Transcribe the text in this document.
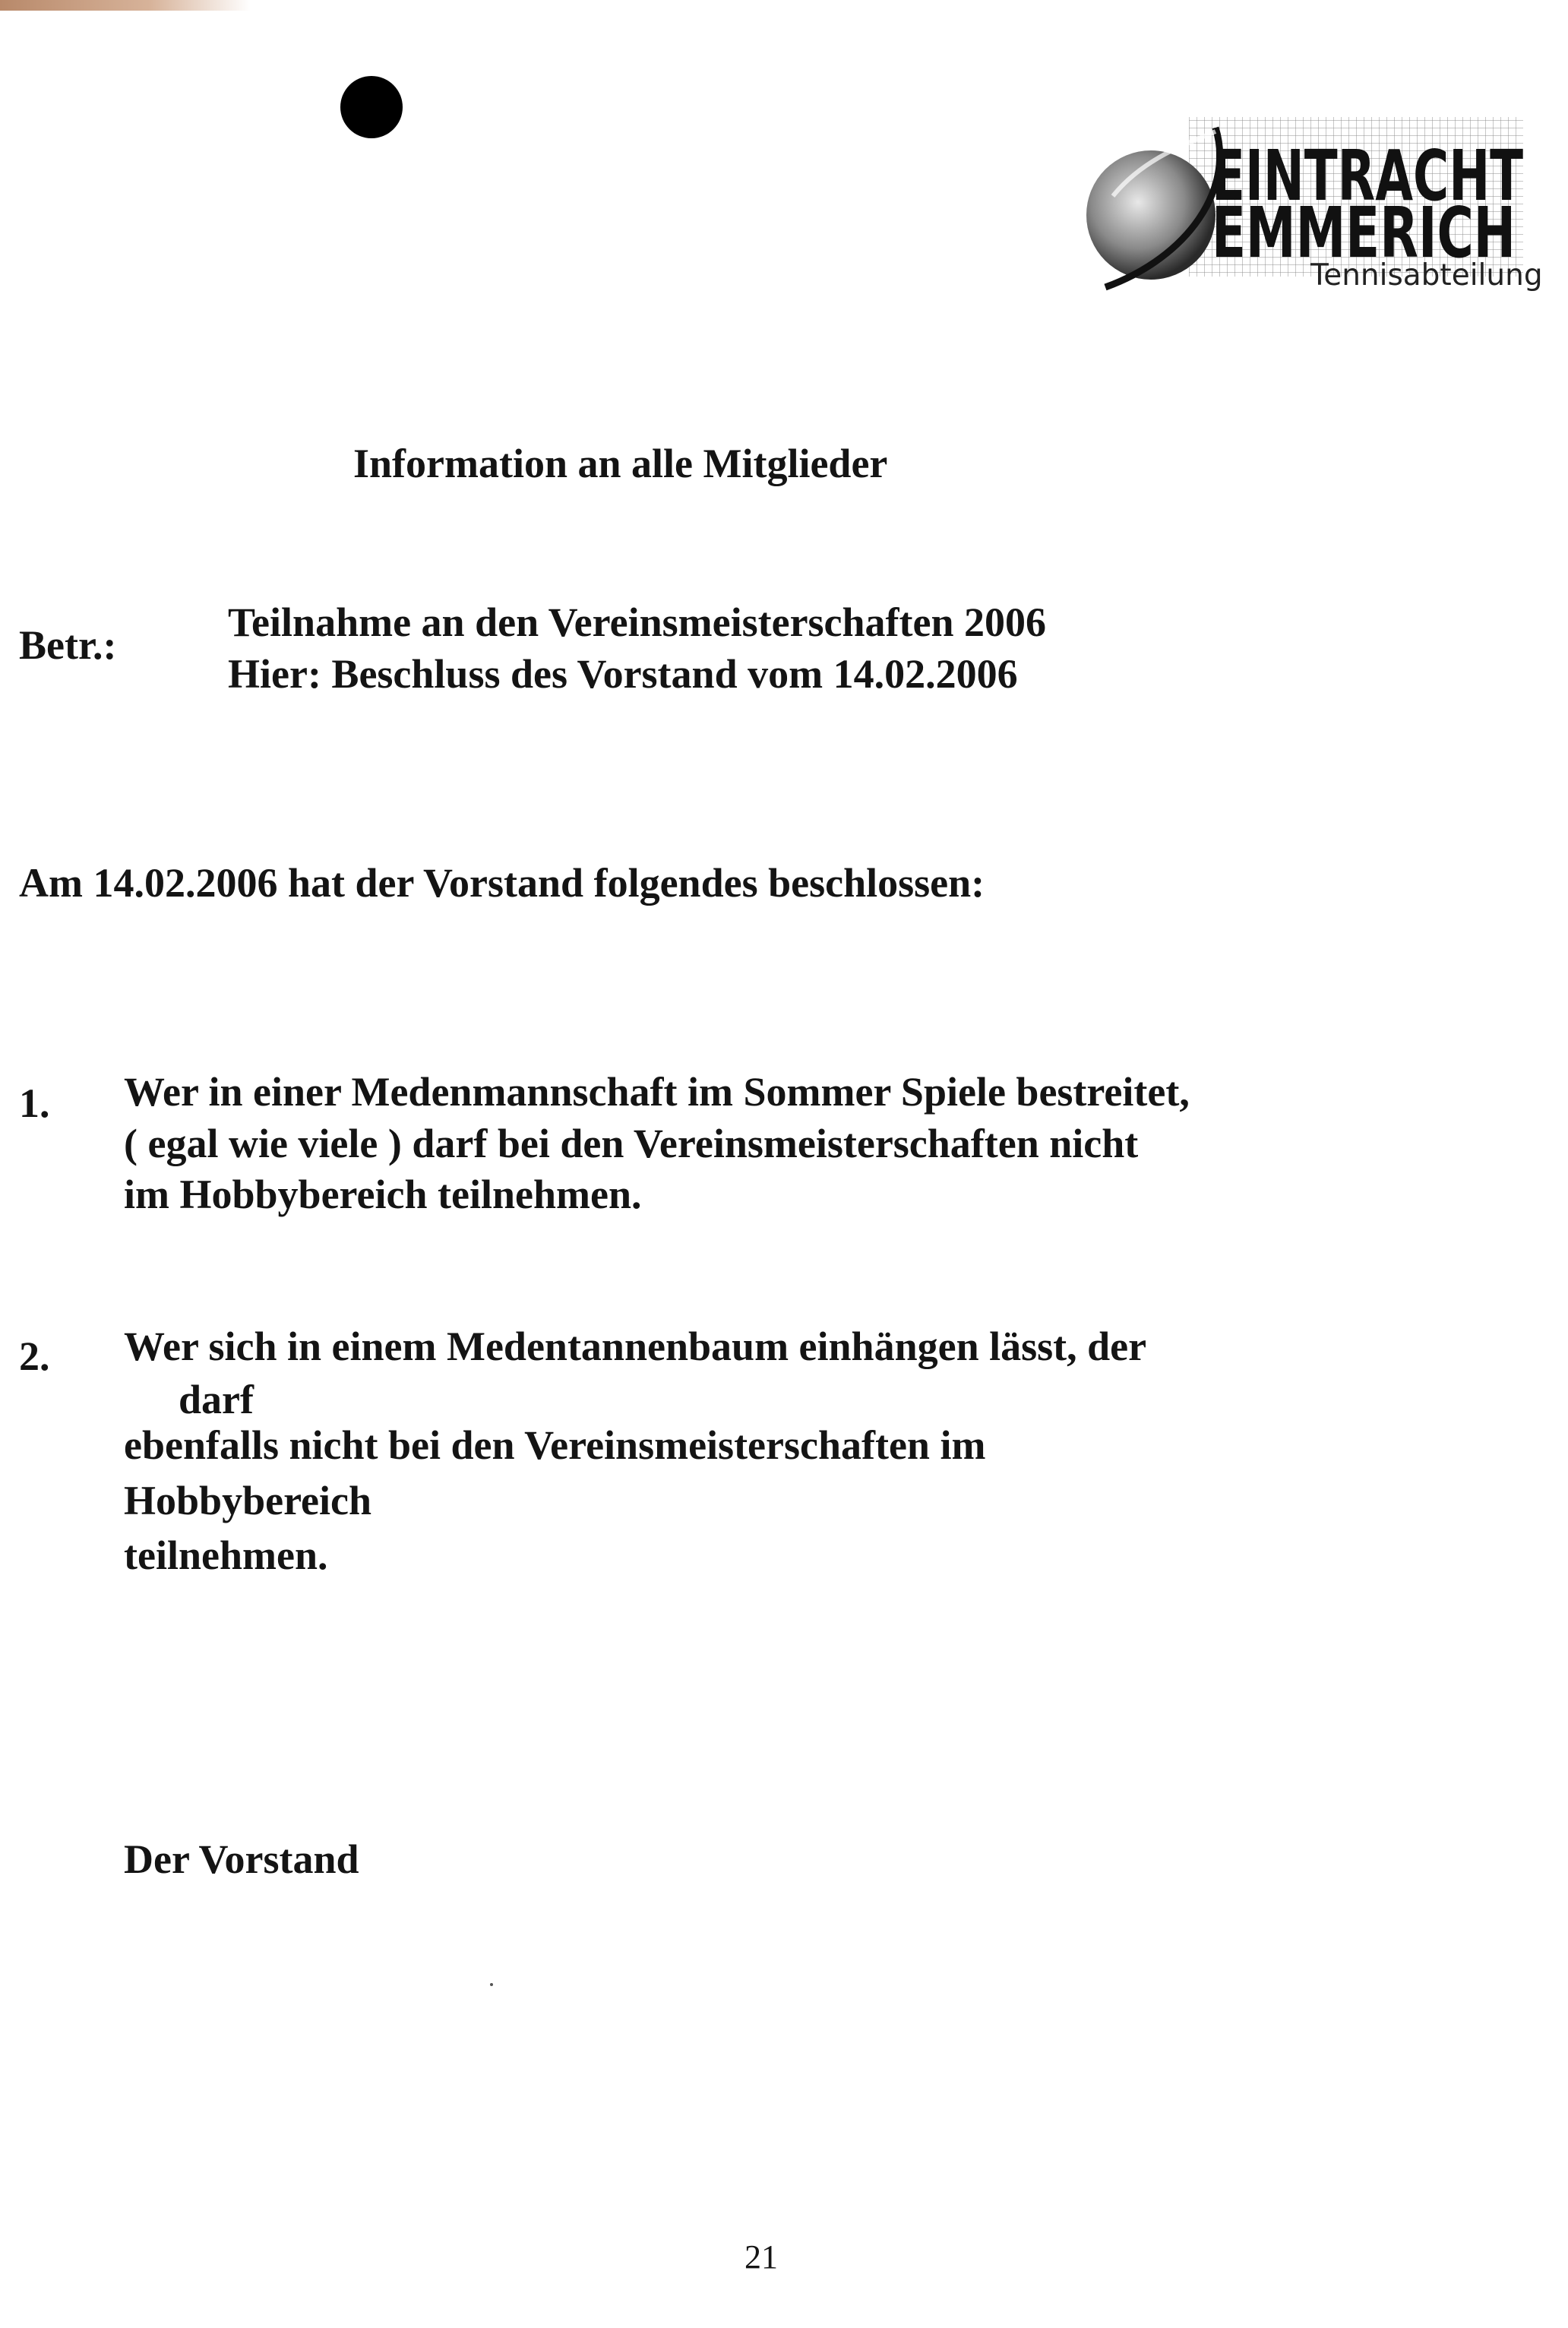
EINTRACHT
EMMERICH
Tennisabteilung
Information an alle Mitglieder
Betr.:	Teilnahme an den Vereinsmeisterschaften 2006
Hier: Beschluss des Vorstand vom 14.02.2006
Am 14.02.2006 hat der Vorstand folgendes beschlossen:
1. Wer in einer Medenmannschaft im Sommer Spiele bestreitet,
( egal wie viele ) darf bei den Vereinsmeisterschaften nicht
im Hobbybereich teilnehmen.
2. Wer sich in einem Medentannenbaum einhängen lässt, der
darf
ebenfalls nicht bei den Vereinsmeisterschaften im
Hobbybereich
teilnehmen.
Der Vorstand
21
